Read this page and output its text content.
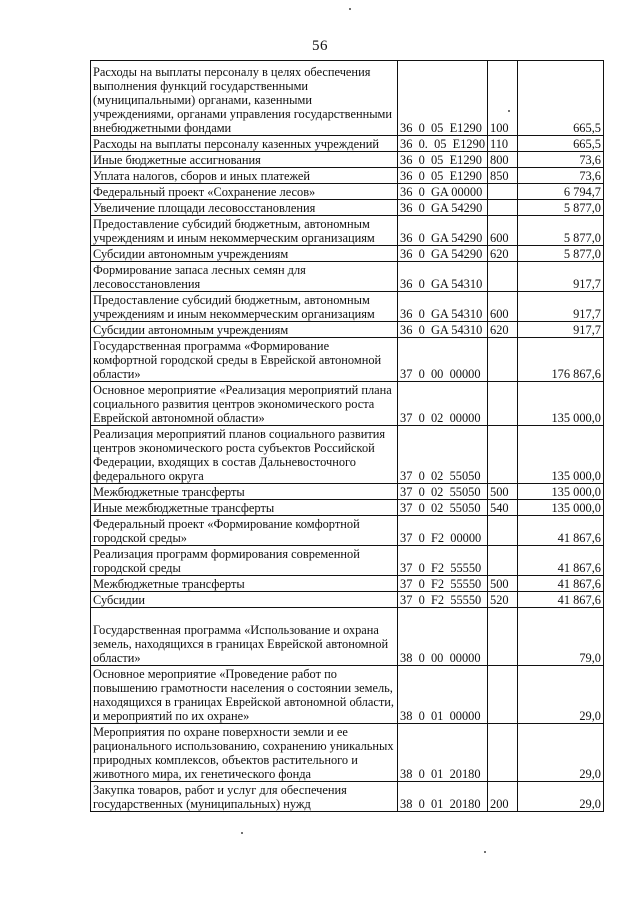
56
Расходы на выплаты персоналу в целях обеспечения выполнения функций государственными (муниципальными) органами, казенными учреждениями, органами управления государственными внебюджетными фондами	36  0  05  E1290	100	665,5
Расходы на выплаты персоналу казенных учреждений	36  0.  05  E1290	110	665,5
Иные бюджетные ассигнования	36  0  05  E1290	800	73,6
Уплата налогов, сборов и иных платежей	36  0  05  E1290	850	73,6
Федеральный проект «Сохранение лесов»	36  0  GA 00000		6 794,7
Увеличение площади лесовосстановления	36  0  GA 54290		5 877,0
Предоставление субсидий бюджетным, автономным учреждениям и иным некоммерческим организациям	36  0  GA 54290	600	5 877,0
Субсидии автономным учреждениям	36  0  GA 54290	620	5 877,0
Формирование запаса лесных семян для лесовосстановления	36  0  GA 54310		917,7
Предоставление субсидий бюджетным, автономным учреждениям и иным некоммерческим организациям	36  0  GA 54310	600	917,7
Субсидии автономным учреждениям	36  0  GA 54310	620	917,7
Государственная программа «Формирование комфортной городской среды в Еврейской автономной области»	37  0  00  00000		176 867,6
Основное мероприятие «Реализация мероприятий плана социального развития центров экономического роста Еврейской автономной области»	37  0  02  00000		135 000,0
Реализация мероприятий планов социального развития центров экономического роста субъектов Российской Федерации, входящих в состав Дальневосточного федерального округа	37  0  02  55050		135 000,0
Межбюджетные трансферты	37  0  02  55050	500	135 000,0
Иные межбюджетные трансферты	37  0  02  55050	540	135 000,0
Федеральный проект «Формирование комфортной городской среды»	37  0  F2  00000		41 867,6
Реализация программ формирования современной городской среды	37  0  F2  55550		41 867,6
Межбюджетные трансферты	37  0  F2  55550	500	41 867,6
Субсидии	37  0  F2  55550	520	41 867,6
Государственная программа «Использование и охрана земель, находящихся в границах Еврейской автономной области»	38  0  00  00000		79,0
Основное мероприятие «Проведение работ по повышению грамотности населения о состоянии земель, находящихся в границах Еврейской автономной области, и мероприятий по их охране»	38  0  01  00000		29,0
Мероприятия по охране поверхности земли и ее рационального использованию, сохранению уникальных природных комплексов, объектов растительного и животного мира, их генетического фонда	38  0  01  20180		29,0
Закупка товаров, работ и услуг для обеспечения государственных (муниципальных) нужд	38  0  01  20180	200	29,0
